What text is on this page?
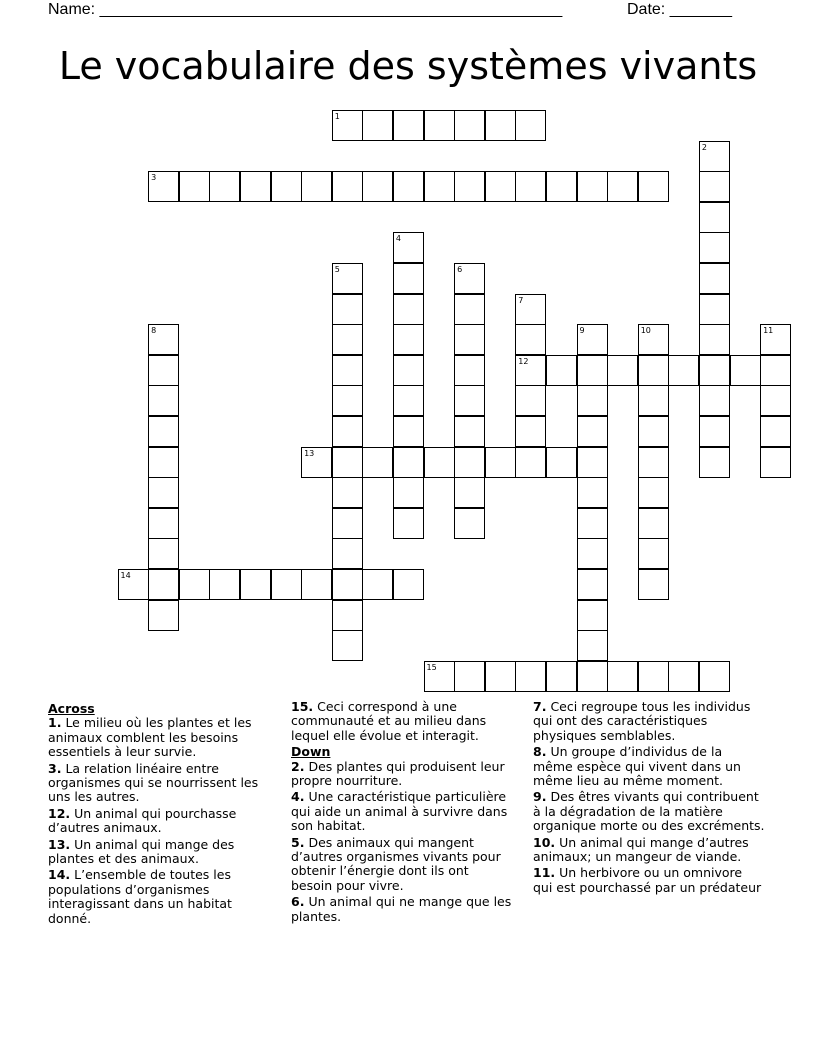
Name: ____________________________________________________	Date: _______
Le vocabulaire des systèmes vivants
1
2
3
4
5	6
7
12
8	9	10	11
13
14
15
Across
1. Le milieu où les plantes et les animaux comblent les besoins essentiels à leur survie.
3. La relation linéaire entre organismes qui se nourrissent les uns les autres.
12. Un animal qui pourchasse d’autres animaux.
13. Un animal qui mange des plantes et des animaux.
14. L’ensemble de toutes les populations d’organismes interagissant dans un habitat donné.
15. Ceci correspond à une communauté et au milieu dans lequel elle évolue et interagit.
Down
2. Des plantes qui produisent leur propre nourriture.
4. Une caractéristique particulière qui aide un animal à survivre dans son habitat.
5. Des animaux qui mangent d’autres organismes vivants pour obtenir l’énergie dont ils ont besoin pour vivre.
6. Un animal qui ne mange que les plantes.
7. Ceci regroupe tous les individus qui ont des caractéristiques physiques semblables.
8. Un groupe d’individus de la même espèce qui vivent dans un même lieu au même moment.
9. Des êtres vivants qui contribuent à la dégradation de la matière organique morte ou des excréments.
10. Un animal qui mange d’autres animaux; un mangeur de viande.
11. Un herbivore ou un omnivore qui est pourchassé par un prédateur
